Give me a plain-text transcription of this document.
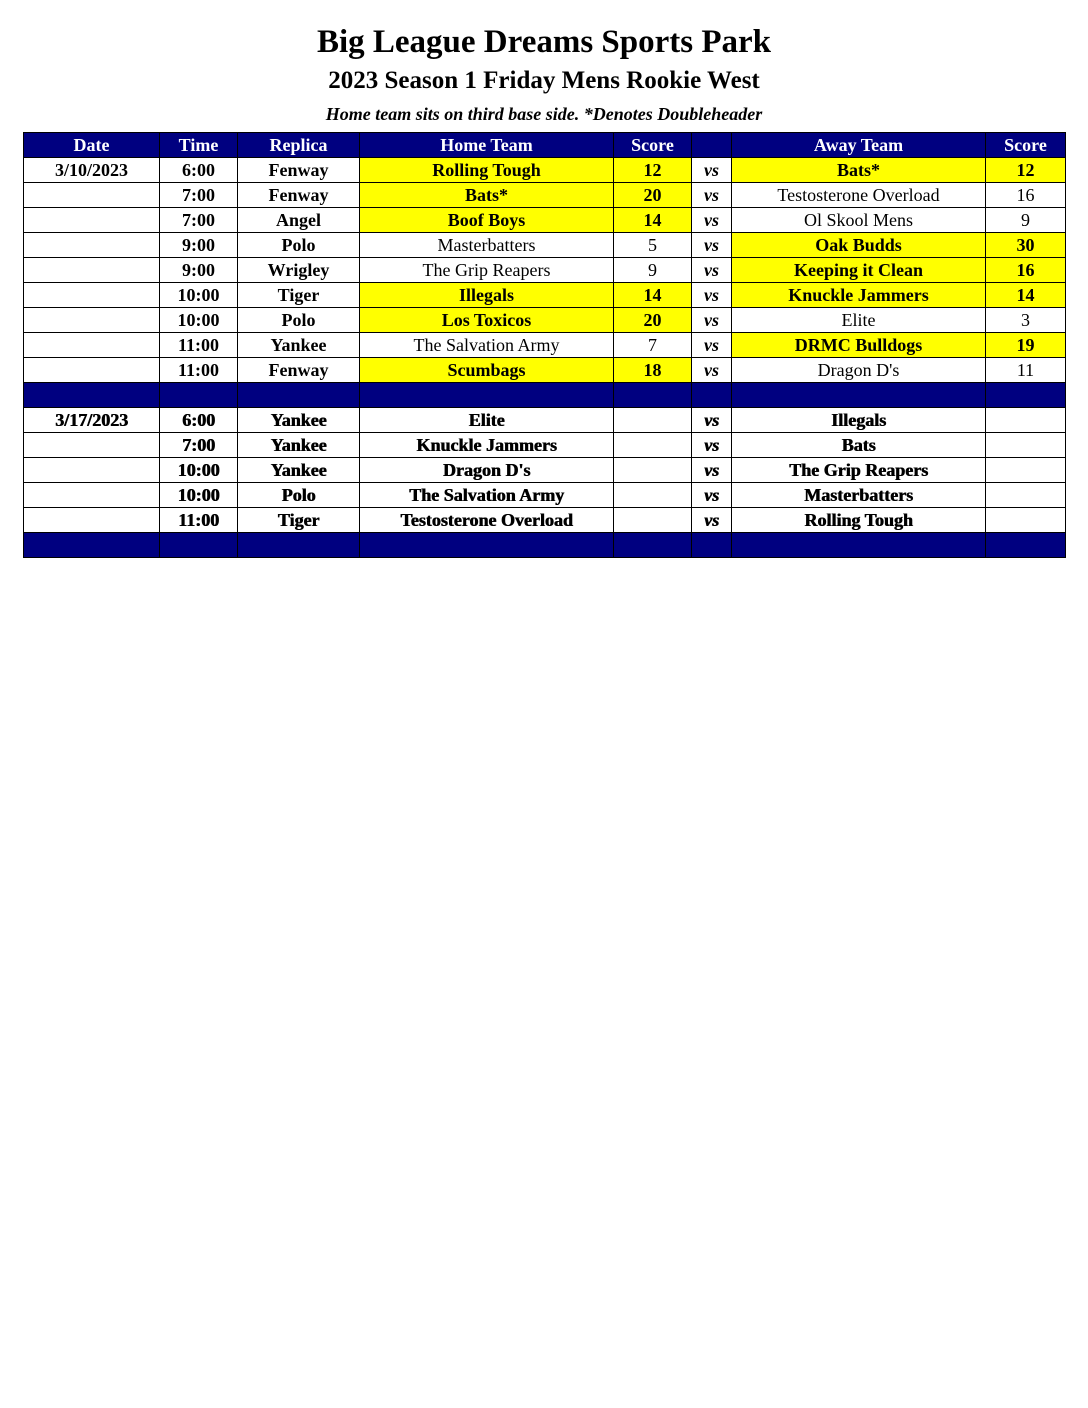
Big League Dreams Sports Park
2023 Season 1 Friday Mens Rookie West
Home team sits on third base side. *Denotes Doubleheader
Date	Time	Replica	Home Team	Score		Away Team	Score
3/10/2023	6:00	Fenway	Rolling Tough	12	vs	Bats*	12
	7:00	Fenway	Bats*	20	vs	Testosterone Overload	16
	7:00	Angel	Boof Boys	14	vs	Ol Skool Mens	9
	9:00	Polo	Masterbatters	5	vs	Oak Budds	30
	9:00	Wrigley	The Grip Reapers	9	vs	Keeping it Clean	16
	10:00	Tiger	Illegals	14	vs	Knuckle Jammers	14
	10:00	Polo	Los Toxicos	20	vs	Elite	3
	11:00	Yankee	The Salvation Army	7	vs	DRMC Bulldogs	19
	11:00	Fenway	Scumbags	18	vs	Dragon D's	11

3/17/2023	6:00	Yankee	Elite		vs	Illegals	
	7:00	Yankee	Knuckle Jammers		vs	Bats	
	10:00	Yankee	Dragon D's		vs	The Grip Reapers	
	10:00	Polo	The Salvation Army		vs	Masterbatters	
	11:00	Tiger	Testosterone Overload		vs	Rolling Tough	
